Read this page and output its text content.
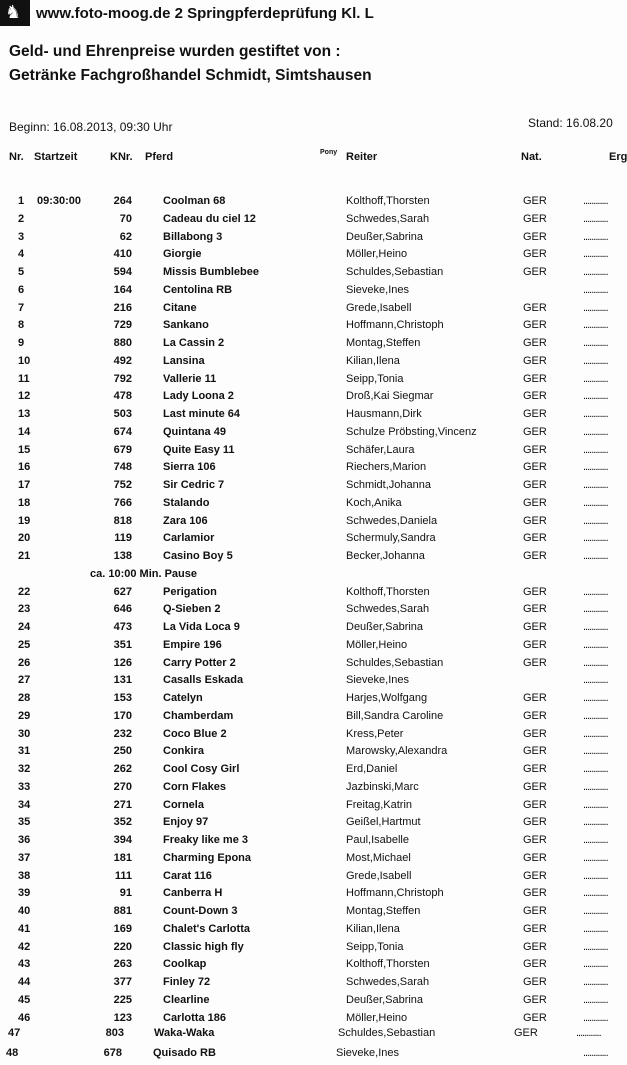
♞ www.foto-moog.de 2 Springpferdeprüfung Kl. L
Geld- und Ehrenpreise wurden gestiftet von :
Getränke Fachgroßhandel Schmidt, Simtshausen
Beginn: 16.08.2013, 09:30 Uhr	Stand: 16.08.20
Nr. Startzeit	KNr. Pferd	Pony Reiter	Nat.	Erg
1 09:30:00	264	Coolman 68	Kolthoff,Thorsten	GER	............
2	70	Cadeau du ciel 12	Schwedes,Sarah	GER	............
3	62	Billabong 3	Deußer,Sabrina	GER	............
4	410	Giorgie	Möller,Heino	GER	............
5	594	Missis Bumblebee	Schuldes,Sebastian	GER	............
6	164	Centolina RB	Sieveke,Ines	............
7	216	Citane	Grede,Isabell	GER	............
8	729	Sankano	Hoffmann,Christoph	GER	............
9	880	La Cassin 2	Montag,Steffen	GER	............
10	492	Lansina	Kilian,Ilena	GER	............
11	792	Vallerie 11	Seipp,Tonia	GER	............
12	478	Lady Loona 2	Droß,Kai Siegmar	GER	............
13	503	Last minute 64	Hausmann,Dirk	GER	............
14	674	Quintana 49	Schulze Pröbsting,Vincenz	GER	............
15	679	Quite Easy 11	Schäfer,Laura	GER	............
16	748	Sierra 106	Riechers,Marion	GER	............
17	752	Sir Cedric 7	Schmidt,Johanna	GER	............
18	766	Stalando	Koch,Anika	GER	............
19	818	Zara 106	Schwedes,Daniela	GER	............
20	119	Carlamior	Schermuly,Sandra	GER	............
21	138	Casino Boy 5	Becker,Johanna	GER	............
ca. 10:00 Min. Pause
22	627	Perigation	Kolthoff,Thorsten	GER	............
23	646	Q-Sieben 2	Schwedes,Sarah	GER	............
24	473	La Vida Loca 9	Deußer,Sabrina	GER	............
25	351	Empire 196	Möller,Heino	GER	............
26	126	Carry Potter 2	Schuldes,Sebastian	GER	............
27	131	Casalls Eskada	Sieveke,Ines	............
28	153	Catelyn	Harjes,Wolfgang	GER	............
29	170	Chamberdam	Bill,Sandra Caroline	GER	............
30	232	Coco Blue 2	Kress,Peter	GER	............
31	250	Conkira	Marowsky,Alexandra	GER	............
32	262	Cool Cosy Girl	Erd,Daniel	GER	............
33	270	Corn Flakes	Jazbinski,Marc	GER	............
34	271	Cornela	Freitag,Katrin	GER	............
35	352	Enjoy 97	Geißel,Hartmut	GER	............
36	394	Freaky like me 3	Paul,Isabelle	GER	............
37	181	Charming Epona	Most,Michael	GER	............
38	111	Carat 116	Grede,Isabell	GER	............
39	91	Canberra H	Hoffmann,Christoph	GER	............
40	881	Count-Down 3	Montag,Steffen	GER	............
41	169	Chalet's Carlotta	Kilian,Ilena	GER	............
42	220	Classic high fly	Seipp,Tonia	GER	............
43	263	Coolkap	Kolthoff,Thorsten	GER	............
44	377	Finley 72	Schwedes,Sarah	GER	............
45	225	Clearline	Deußer,Sabrina	GER	............
46	123	Carlotta 186	Möller,Heino	GER	............
47	803	Waka-Waka	Schuldes,Sebastian	GER	............
48	678	Quisado RB	Sieveke,Ines	............
